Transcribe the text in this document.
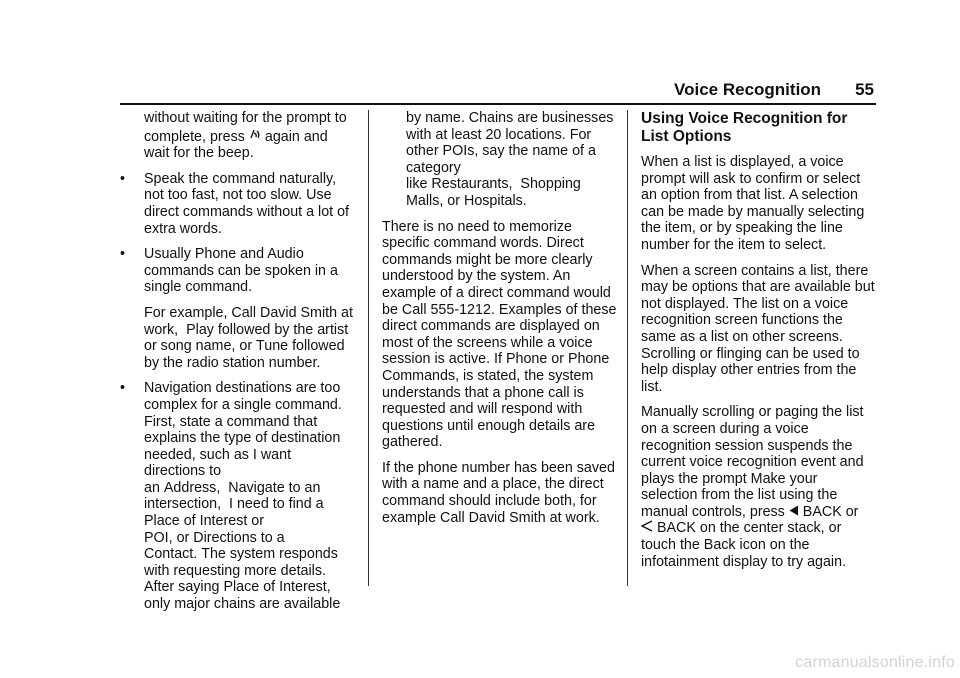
Voice Recognition 55

without waiting for the prompt to
complete, press again and
wait for the beep.

• Speak the command naturally, not too fast, not too slow. Use direct commands without a lot of extra words.
• Usually Phone and Audio commands can be spoken in a single command.

For example, Call David Smith at work,  Play followed by the artist or song name, or Tune followed by the radio station number.

• Navigation destinations are too complex for a single command. First, state a command that explains the type of destination needed, such as I want directions to an Address,  Navigate to an intersection,  I need to find a Place of Interest or POI, or Directions to a Contact. The system responds with requesting more details. After saying Place of Interest, only major chains are available

by name. Chains are businesses with at least 20 locations. For other POIs, say the name of a category like Restaurants,  Shopping Malls, or Hospitals.

There is no need to memorize specific command words. Direct commands might be more clearly understood by the system. An example of a direct command would be Call 555-1212. Examples of these direct commands are displayed on most of the screens while a voice session is active. If Phone or Phone Commands, is stated, the system understands that a phone call is requested and will respond with questions until enough details are gathered.

If the phone number has been saved with a name and a place, the direct command should include both, for example Call David Smith at work.

Using Voice Recognition for List Options

When a list is displayed, a voice prompt will ask to confirm or select an option from that list. A selection can be made by manually selecting the item, or by speaking the line number for the item to select.

When a screen contains a list, there may be options that are available but not displayed. The list on a voice recognition screen functions the same as a list on other screens. Scrolling or flinging can be used to help display other entries from the list.

Manually scrolling or paging the list on a screen during a voice recognition session suspends the current voice recognition event and plays the prompt Make your selection from the list using the manual controls, press BACK or
BACK on the center stack, or touch the Back icon on the infotainment display to try again.

carmanualsonline.info
